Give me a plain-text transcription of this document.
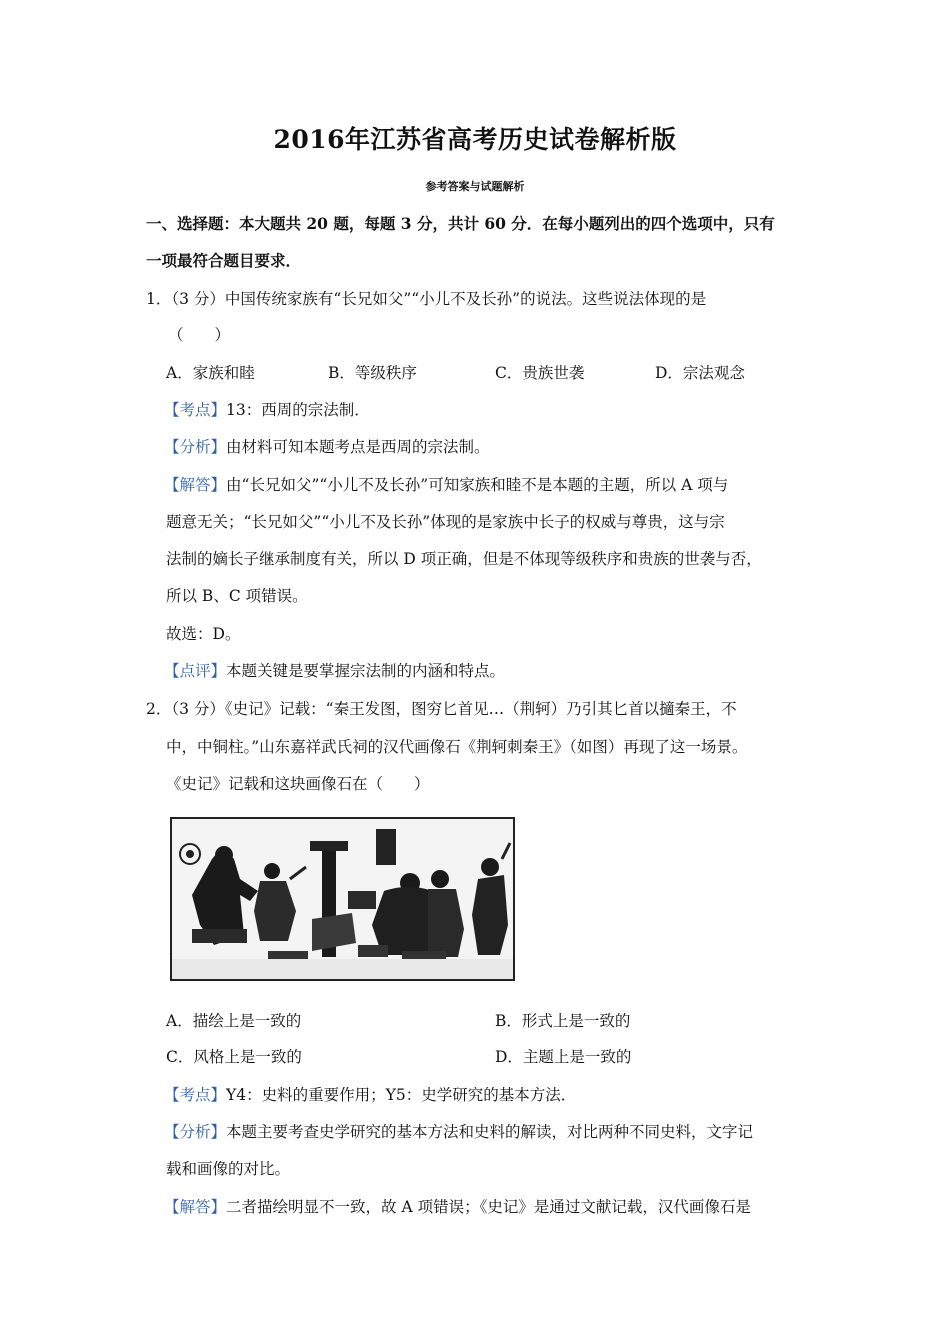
2016年江苏省高考历史试卷解析版
参考答案与试题解析
一、选择题：本大题共 20 题，每题 3 分，共计 60 分．在每小题列出的四个选项中，只有
一项最符合题目要求．
1．（3 分）中国传统家族有“长兄如父”“小儿不及长孙”的说法。这些说法体现的是
（　　）
A．家族和睦	B．等级秩序	C．贵族世袭	D．宗法观念
【考点】13：西周的宗法制．
【分析】由材料可知本题考点是西周的宗法制。
【解答】由“长兄如父”“小儿不及长孙”可知家族和睦不是本题的主题，所以 A 项与
题意无关；“长兄如父”“小儿不及长孙”体现的是家族中长子的权威与尊贵，这与宗
法制的嫡长子继承制度有关，所以 D 项正确，但是不体现等级秩序和贵族的世袭与否，
所以 B、C 项错误。
故选：D。
【点评】本题关键是要掌握宗法制的内涵和特点。
2．（3 分）《史记》记载：“秦王发图，图穷匕首见…（荆轲）乃引其匕首以擿秦王，不
中，中铜柱。”山东嘉祥武氏祠的汉代画像石《荆轲刺秦王》（如图）再现了这一场景。
《史记》记载和这块画像石在（　　）
A．描绘上是一致的	B．形式上是一致的
C．风格上是一致的	D．主题上是一致的
【考点】Y4：史料的重要作用；Y5：史学研究的基本方法．
【分析】本题主要考查史学研究的基本方法和史料的解读，对比两种不同史料，文字记
载和画像的对比。
【解答】二者描绘明显不一致，故 A 项错误；《史记》是通过文献记载，汉代画像石是
